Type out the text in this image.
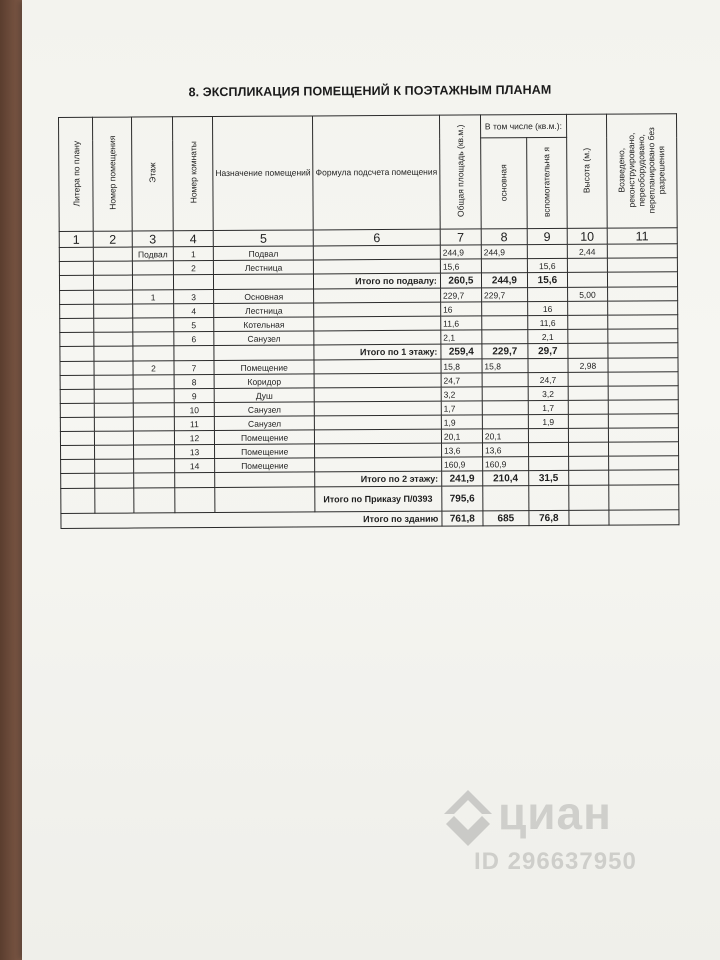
8. ЭКСПЛИКАЦИЯ ПОМЕЩЕНИЙ К ПОЭТАЖНЫМ ПЛАНАМ
Литера по плану	Номер помещения	Этаж	Номер комнаты	Назначение помещений	Формула подсчета помещения	Общая площадь (кв.м.)	В том числе (кв.м.):		Высота (м.)	Возведено, реконструировано, переоборудовано, перепланировано без разрешения
							основная	вспомогательна я		
1	2	3	4	5	6	7	8	9	10	11
		Подвал	1	Подвал		244,9	244,9		2,44	
			2	Лестница		15,6		15,6		
					Итого по подвалу:	260,5	244,9	15,6		
		1	3	Основная		229,7	229,7		5,00	
			4	Лестница		16		16		
			5	Котельная		11,6		11,6		
			6	Санузел		2,1		2,1		
					Итого по 1 этажу:	259,4	229,7	29,7		
		2	7	Помещение		15,8	15,8		2,98	
			8	Коридор		24,7		24,7		
			9	Душ		3,2		3,2		
			10	Санузел		1,7		1,7		
			11	Санузел		1,9		1,9		
			12	Помещение		20,1	20,1			
			13	Помещение		13,6	13,6			
			14	Помещение		160,9	160,9			
					Итого по 2 этажу:	241,9	210,4	31,5		
					Итого по Приказу П/0393	795,6				
Итого по зданию						761,8	685	76,8		
циан
ID 296637950
